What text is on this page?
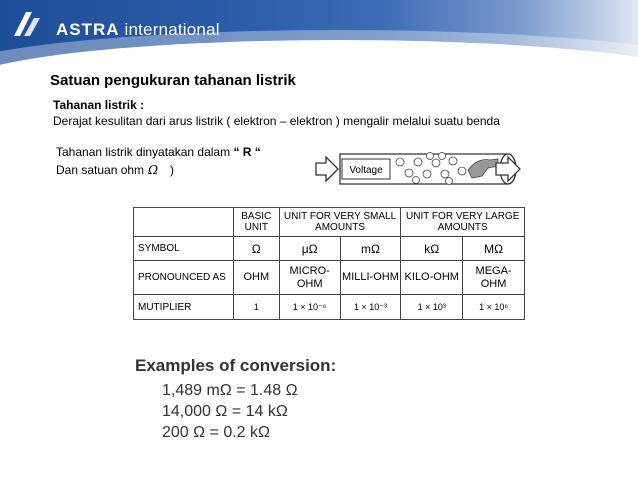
ASTRA international
Satuan pengukuran tahanan listrik
Tahanan listrik :
Derajat kesulitan dari arus listrik ( elektron – elektron ) mengalir melalui suatu benda
Tahanan listrik dinyatakan dalam “ R “
Dan satuan ohm Ω )	Voltage
	BASIC UNIT	UNIT FOR VERY SMALL AMOUNTS		UNIT FOR VERY LARGE AMOUNTS	
SYMBOL	Ω	μΩ	mΩ	kΩ	MΩ
PRONOUNCED AS	OHM	MICRO-OHM	MILLI-OHM	KILO-OHM	MEGA-OHM
MUTIPLIER	1	1 × 10⁻⁶	1 × 10⁻³	1 × 10³	1 × 10⁶
Examples of conversion:
1,489 mΩ = 1.48 Ω
14,000 Ω = 14 kΩ
200 Ω = 0.2 kΩ
